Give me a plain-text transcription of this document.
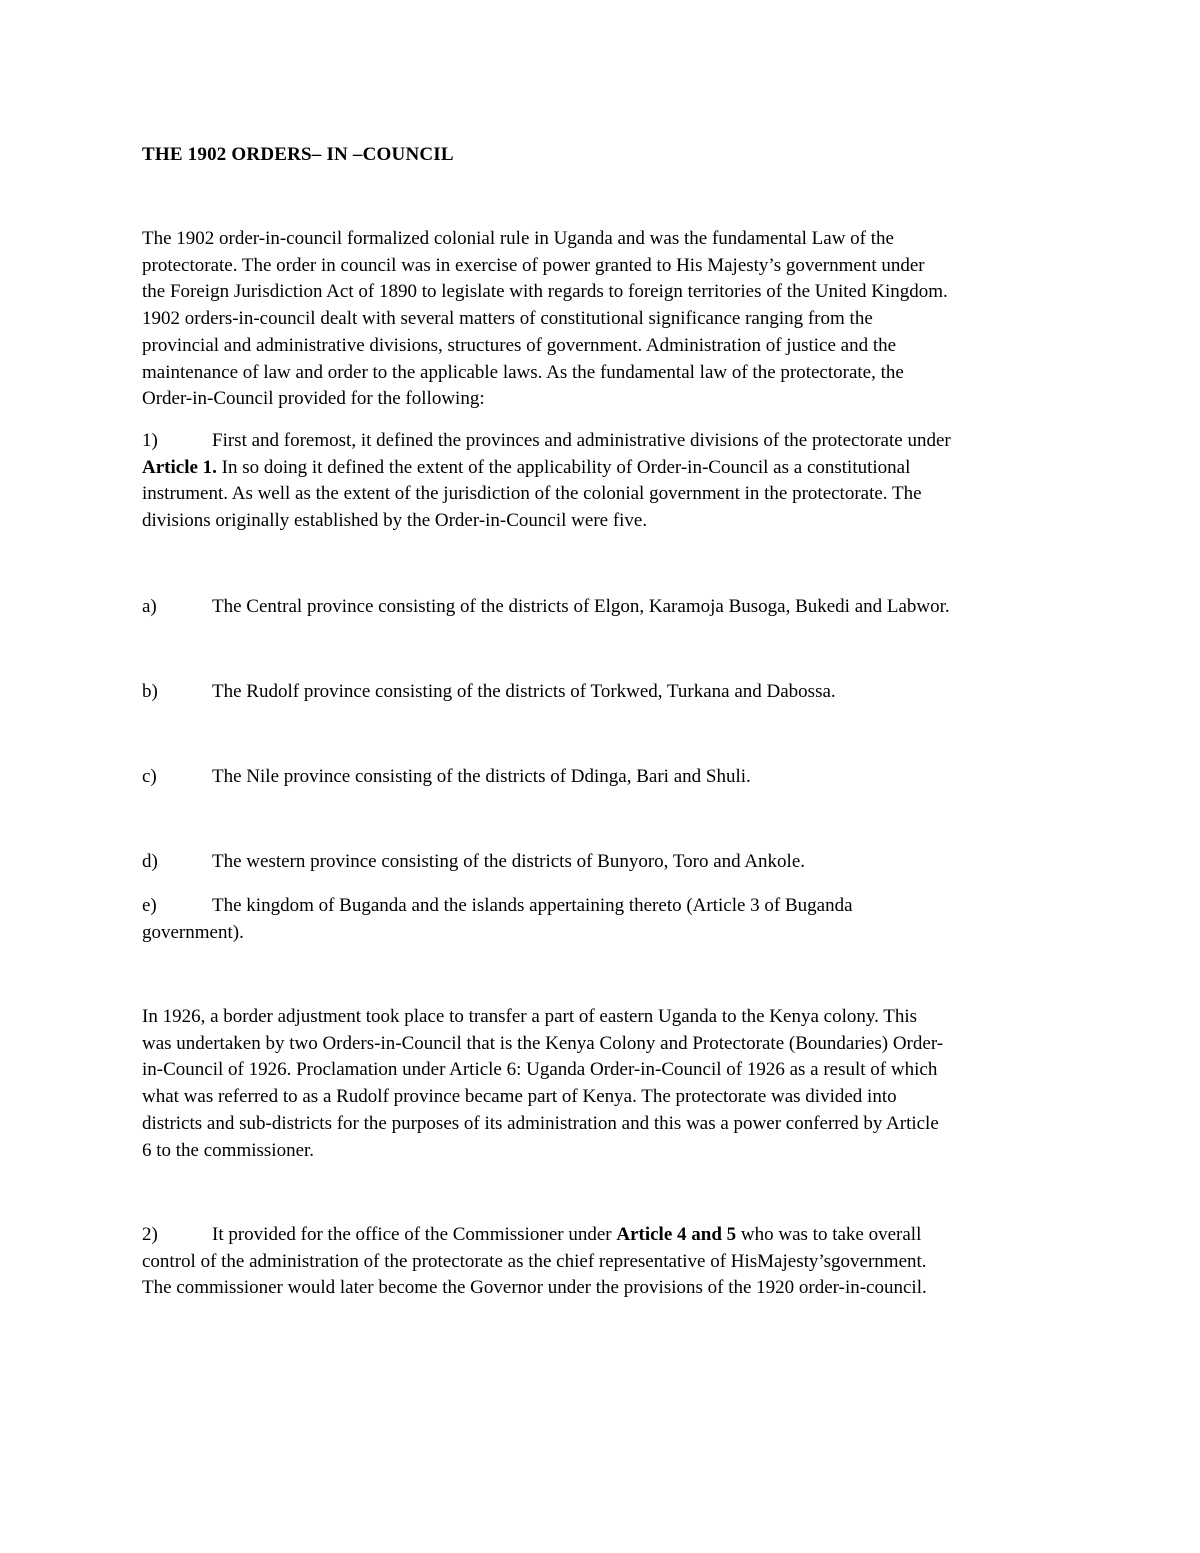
THE 1902 ORDERS– IN –COUNCIL
The 1902 order-in-council formalized colonial rule in Uganda and was the fundamental Law of the
protectorate. The order in council was in exercise of power granted to His Majesty’s government under
the Foreign Jurisdiction Act of 1890 to legislate with regards to foreign territories of the United Kingdom.
1902 orders-in-council dealt with several matters of constitutional significance ranging from the
provincial and administrative divisions, structures of government. Administration of justice and the
maintenance of law and order to the applicable laws. As the fundamental law of the protectorate, the
Order-in-Council provided for the following:
1)	First and foremost, it defined the provinces and administrative divisions of the protectorate under
Article 1. In so doing it defined the extent of the applicability of Order-in-Council as a constitutional
instrument. As well as the extent of the jurisdiction of the colonial government in the protectorate. The
divisions originally established by the Order-in-Council were five.
a)	The Central province consisting of the districts of Elgon, Karamoja Busoga, Bukedi and Labwor.
b)	The Rudolf province consisting of the districts of Torkwed, Turkana and Dabossa.
c)	The Nile province consisting of the districts of Ddinga, Bari and Shuli.
d)	The western province consisting of the districts of Bunyoro, Toro and Ankole.
e)	The kingdom of Buganda and the islands appertaining thereto (Article 3 of Buganda
government).
In 1926, a border adjustment took place to transfer a part of eastern Uganda to the Kenya colony. This
was undertaken by two Orders-in-Council that is the Kenya Colony and Protectorate (Boundaries) Order-
in-Council of 1926. Proclamation under Article 6: Uganda Order-in-Council of 1926 as a result of which
what was referred to as a Rudolf province became part of Kenya. The protectorate was divided into
districts and sub-districts for the purposes of its administration and this was a power conferred by Article
6 to the commissioner.
2)	It provided for the office of the Commissioner under Article 4 and 5 who was to take overall
control of the administration of the protectorate as the chief representative of HisMajesty’sgovernment.
The commissioner would later become the Governor under the provisions of the 1920 order-in-council.
